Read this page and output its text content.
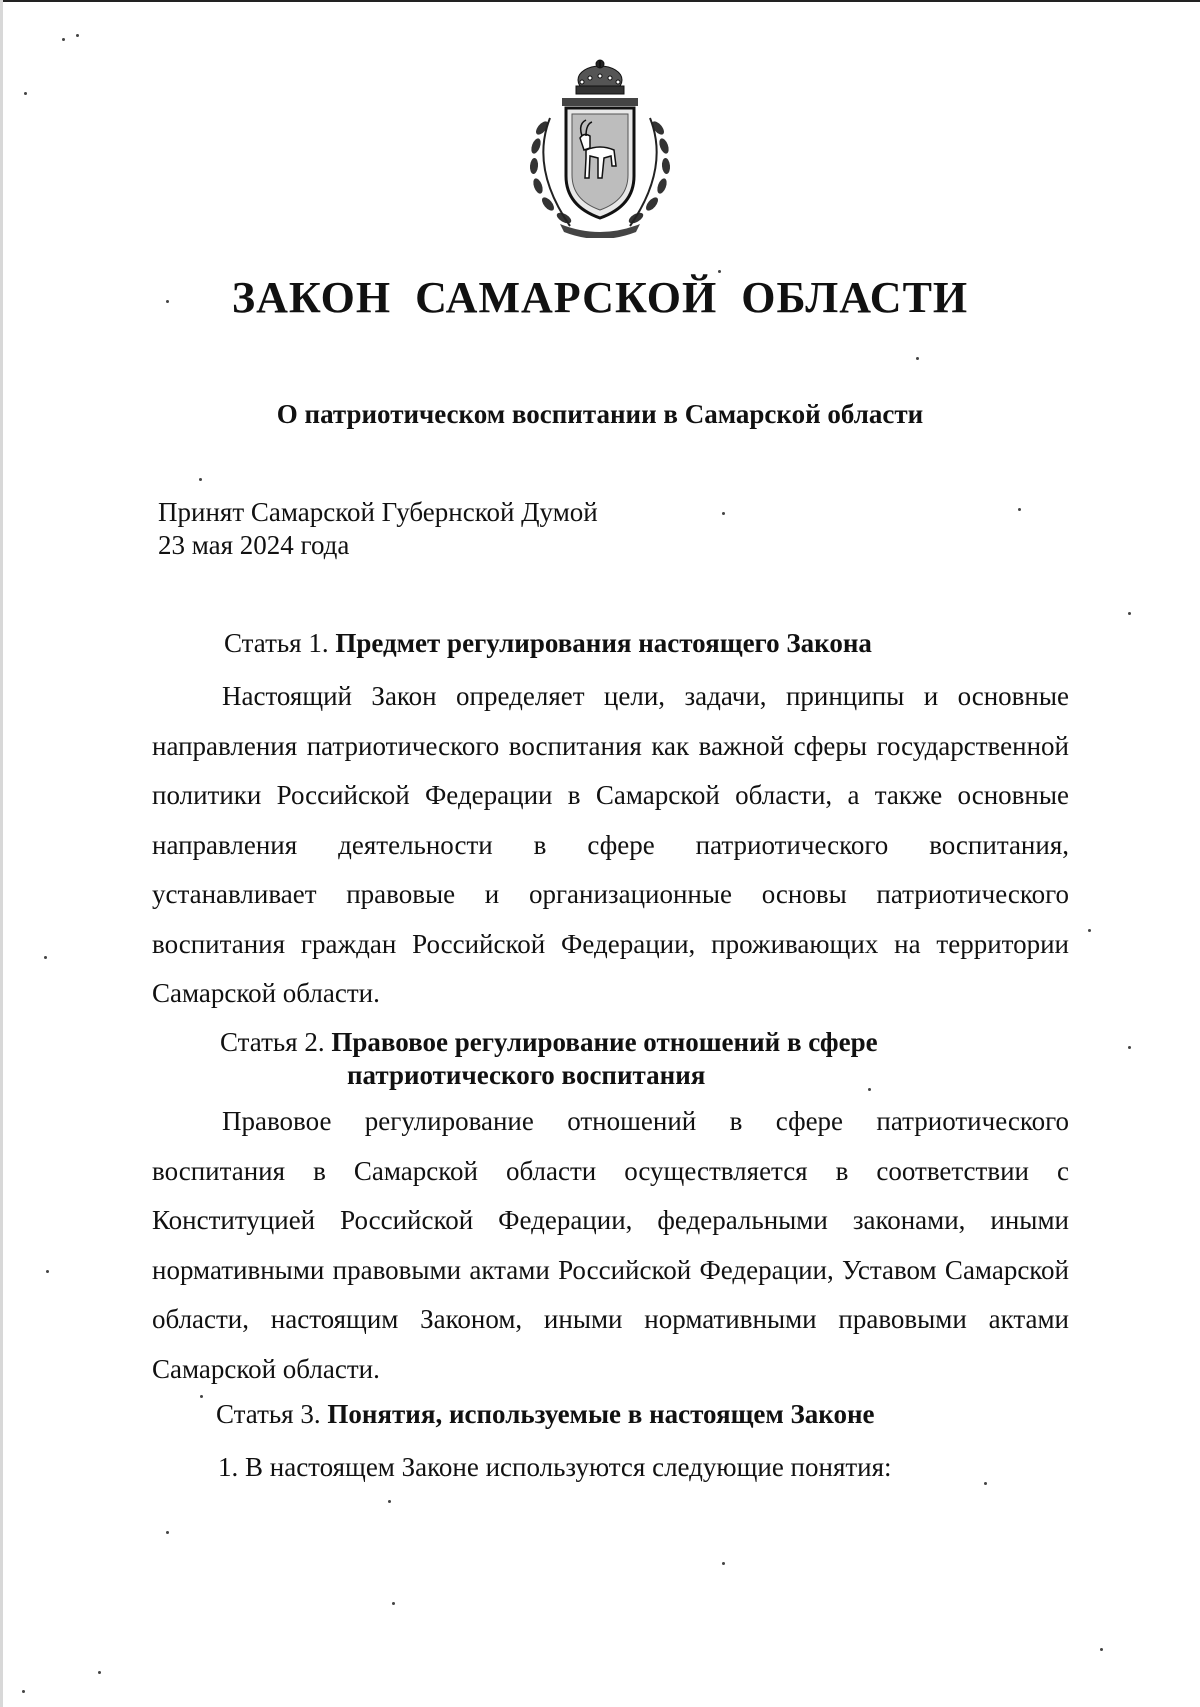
ЗАКОН САМАРСКОЙ ОБЛАСТИ
О патриотическом воспитании в Самарской области
Принят Самарской Губернской Думой
23 мая 2024 года
Статья 1. Предмет регулирования настоящего Закона

Настоящий Закон определяет цели, задачи, принципы и основные направления патриотического воспитания как важной сферы государственной политики Российской Федерации в Самарской области, а также основные направления деятельности в сфере патриотического воспитания, устанавливает правовые и организационные основы патриотического воспитания граждан Российской Федерации, проживающих на территории Самарской области.

Статья 2. Правовое регулирование отношений в сфере
патриотического воспитания

Правовое регулирование отношений в сфере патриотического воспитания в Самарской области осуществляется в соответствии с Конституцией Российской Федерации, федеральными законами, иными нормативными правовыми актами Российской Федерации, Уставом Самарской области, настоящим Законом, иными нормативными правовыми актами Самарской области.

Статья 3. Понятия, используемые в настоящем Законе

1. В настоящем Законе используются следующие понятия:
